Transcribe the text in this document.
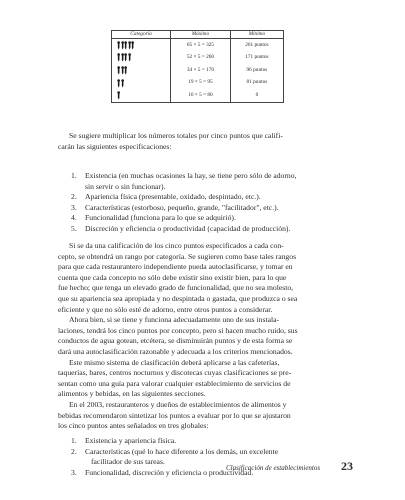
Categoría	Máximo	Mínimo
	65 × 5 = 325	261 puntos
	52 × 5 = 260	171 puntos
	34 × 5 = 170	96 puntos
	19 × 5 = 95	81 puntos
	16 × 5 = 80	0
Se sugiere multiplicar los números totales por cinco puntos que califi-
carán las siguientes especificaciones:
1. Existencia (en muchas ocasiones la hay, se tiene pero sólo de adorno,
sin servir o sin funcionar).
2. Apariencia física (presentable, oxidado, despintado, etc.).
3. Características (estorboso, pequeño, grande, "facilitador", etc.).
4. Funcionalidad (funciona para lo que se adquirió).
5. Discreción y eficiencia o productividad (capacidad de producción).
Si se da una calificación de los cinco puntos especificados a cada con-
cepto, se obtendrá un rango por categoría. Se sugieren como base tales rangos
para que cada restaurantero independiente pueda autoclasificarse, y tomar en
cuenta que cada concepto no sólo debe existir sino existir bien, para lo que
fue hecho; que tenga un elevado grado de funcionalidad, que no sea molesto,
que su apariencia sea apropiada y no despintada o gastada, que produzca o sea
eficiente y que no sólo esté de adorno, entre otros puntos a considerar.
Ahora bien, si se tiene y funciona adecuadamente uno de sus instala-
laciones, tendrá los cinco puntos por concepto, pero si hacen mucho ruido, sus
conductos de agua gotean, etcétera, se disminuirán puntos y de esta forma se
dará una autoclasificación razonable y adecuada a los criterios mencionados.
Este mismo sistema de clasificación deberá aplicarse a las cafeterías,
taquerías, bares, centros nocturnos y discotecas cuyas clasificaciones se pre-
sentan como una guía para valorar cualquier establecimiento de servicios de
alimentos y bebidas, en las siguientes secciones.
En el 2003, restauranteros y dueños de establecimientos de alimentos y
bebidas recomendaron sintetizar los puntos a evaluar por lo que se ajustaron
los cinco puntos antes señalados en tres globales:
1. Existencia y apariencia física.
2. Características (qué lo hace diferente a los demás, un excelente
facilitador de sus tareas.
3. Funcionalidad, discreción y eficiencia o productividad.
Clasificación de establecimientos 23
